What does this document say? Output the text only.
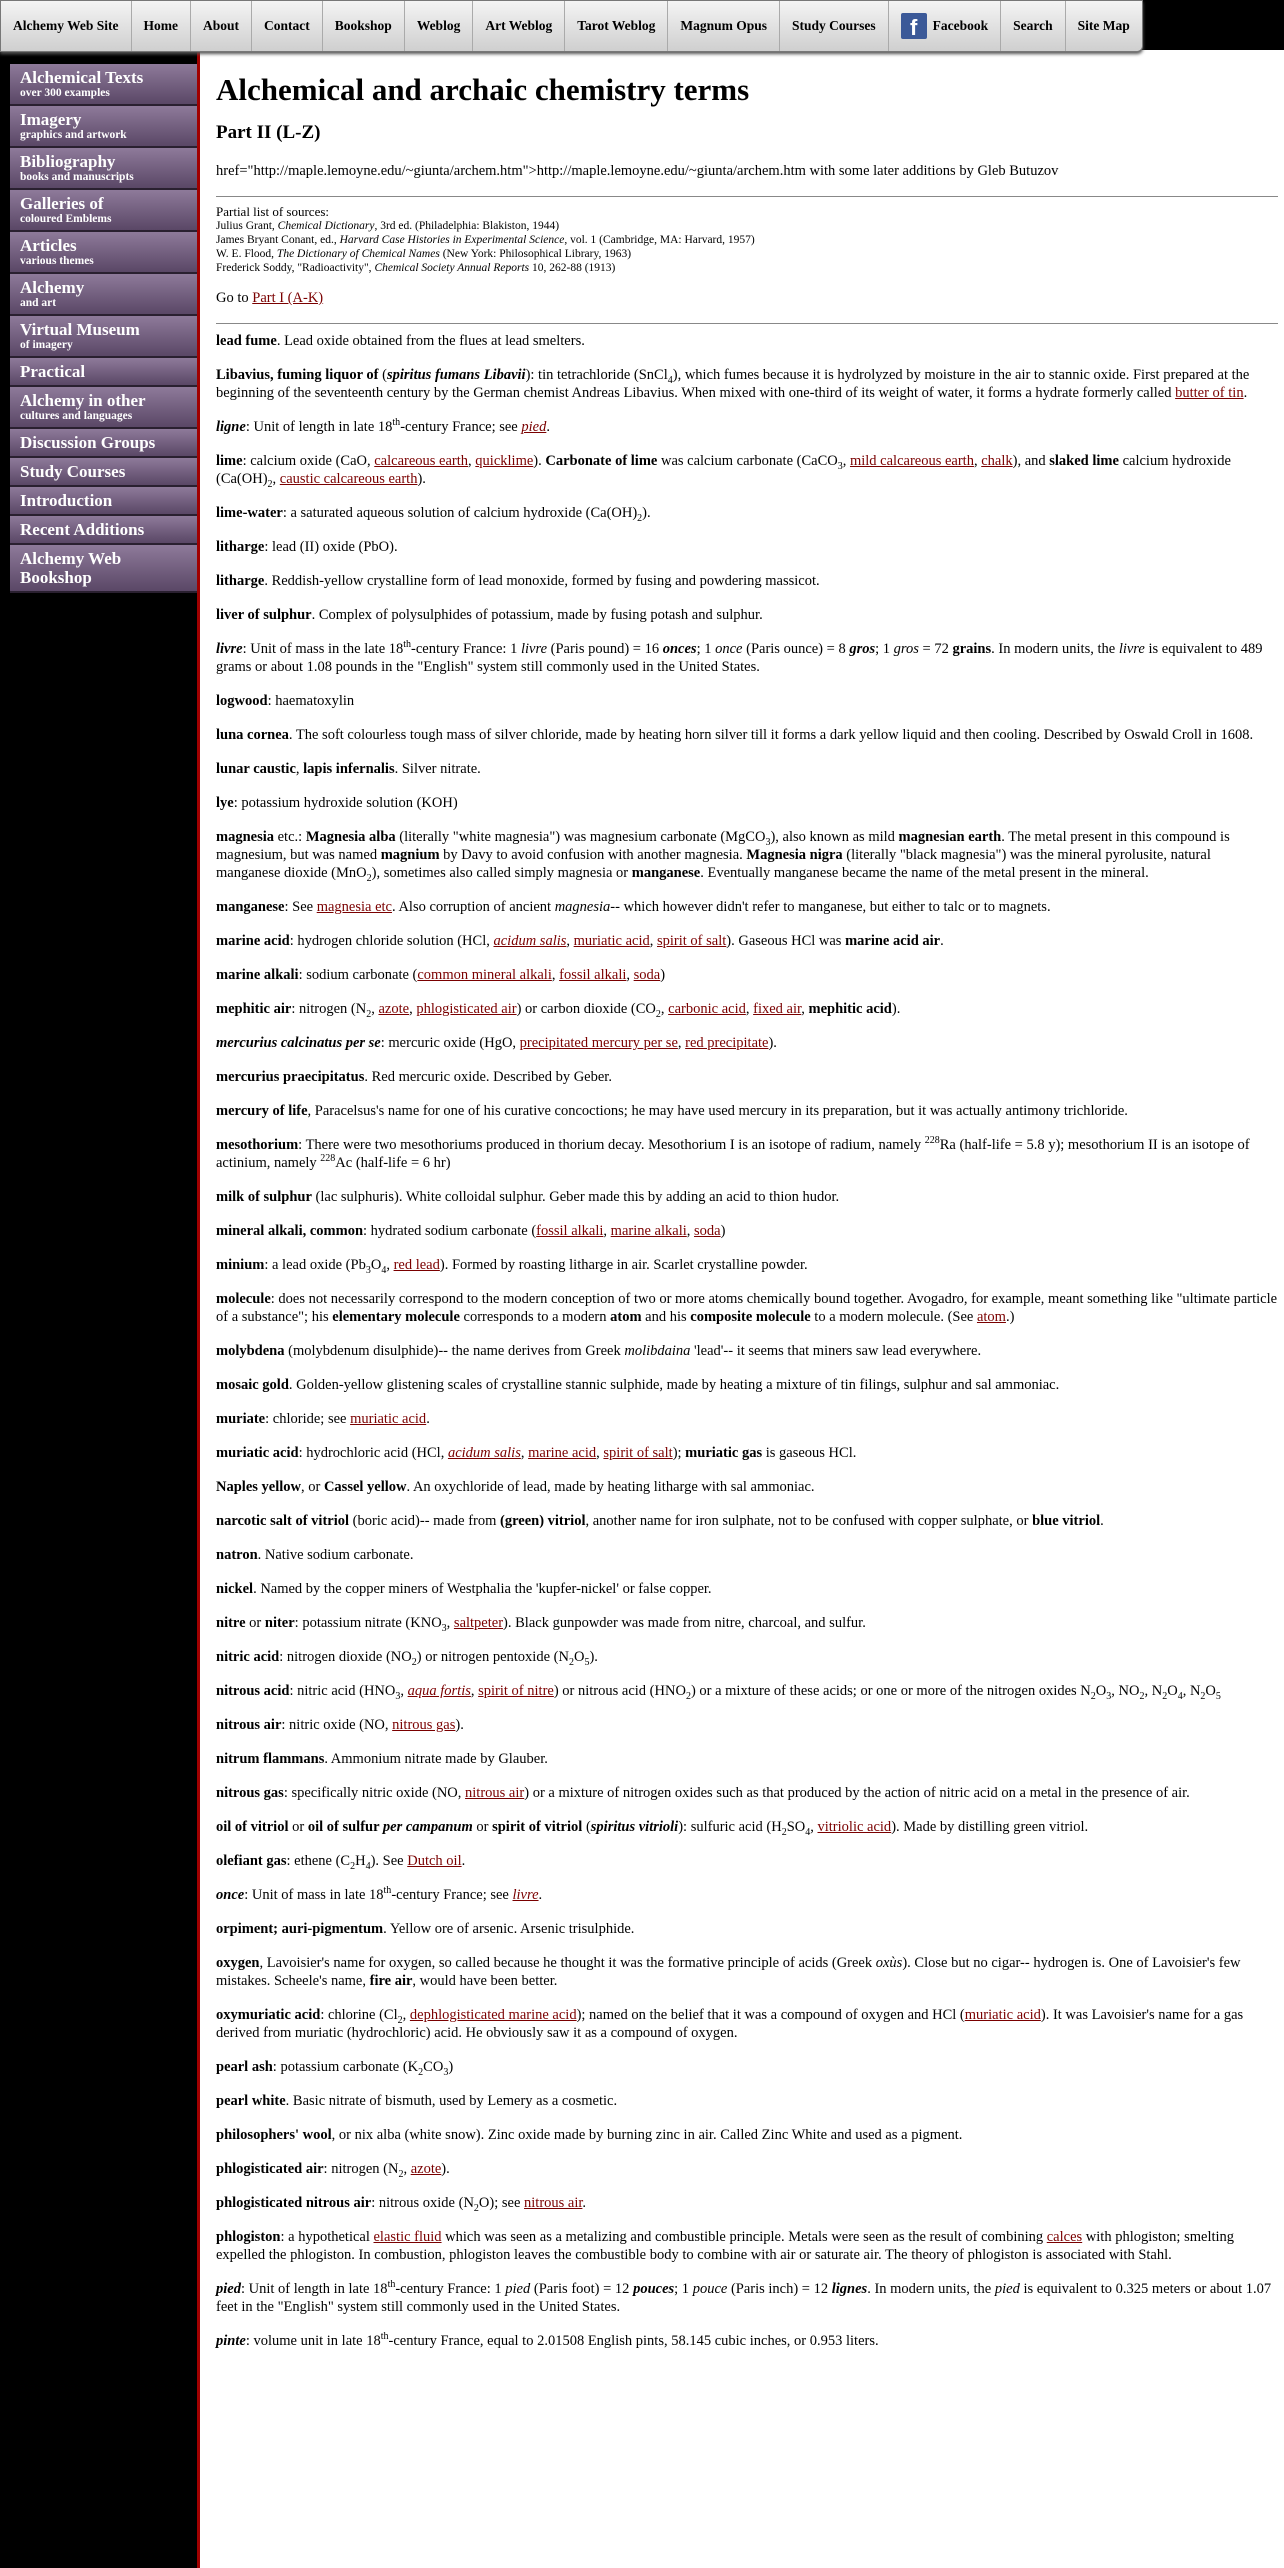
Alchemy Web Site Home About Contact Bookshop Weblog Art Weblog Tarot Weblog Magnum Opus Study Courses	f	Facebook Search Site Map
Alchemical Texts
over 300 examples
Imagery
graphics and artwork
Bibliography
books and manuscripts
Galleries of
coloured Emblems
Articles
various themes
Alchemy
and art
Virtual Museum
of imagery
Practical
Alchemy in other
cultures and languages
Discussion Groups
Study Courses
Introduction
Recent Additions
Alchemy Web Bookshop
Alchemical and archaic chemistry terms
Part II (L-Z)

href="http://maple.lemoyne.edu/~giunta/archem.htm">http://maple.lemoyne.edu/~giunta/archem.htm with some later additions by Gleb Butuzov

Partial list of sources:
Julius Grant, Chemical Dictionary, 3rd ed. (Philadelphia: Blakiston, 1944)
James Bryant Conant, ed., Harvard Case Histories in Experimental Science, vol. 1 (Cambridge, MA: Harvard, 1957)
W. E. Flood, The Dictionary of Chemical Names (New York: Philosophical Library, 1963)
Frederick Soddy, "Radioactivity", Chemical Society Annual Reports 10, 262-88 (1913)

Go to Part I (A-K)

lead fume. Lead oxide obtained from the flues at lead smelters.

Libavius, fuming liquor of (spiritus fumans Libavii): tin tetrachloride (SnCl$_4$), which fumes because it is hydrolyzed by moisture in the air to stannic oxide. First prepared at the beginning of the seventeenth century by the German chemist Andreas Libavius. When mixed with one-third of its weight of water, it forms a hydrate formerly called butter of tin.

ligne: Unit of length in late 18th-century France; see pied.

lime: calcium oxide (CaO, calcareous earth, quicklime). Carbonate of lime was calcium carbonate (CaCO$_3$, mild calcareous earth, chalk), and slaked lime calcium hydroxide ($Ca(OH)_2$, caustic calcareous earth).

lime-water: a saturated aqueous solution of calcium hydroxide $(Ca(OH)_2)$.

litharge: lead (II) oxide (PbO).

litharge. Reddish-yellow crystalline form of lead monoxide, formed by fusing and powdering massicot.

liver of sulphur. Complex of polysulphides of potassium, made by fusing potash and sulphur.

livre: Unit of mass in the late 18th-century France: 1 livre (Paris pound) = 16 onces; 1 once (Paris ounce) = 8 gros; 1 gros = 72 grains. In modern units, the livre is equivalent to 489 grams or about 1.08 pounds in the "English" system still commonly used in the United States.

logwood: haematoxylin

luna cornea. The soft colourless tough mass of silver chloride, made by heating horn silver till it forms a dark yellow liquid and then cooling. Described by Oswald Croll in 1608.

lunar caustic, lapis infernalis. Silver nitrate.

lye: potassium hydroxide solution (KOH)

magnesia etc.: Magnesia alba (literally "white magnesia") was magnesium carbonate (MgCO$_3$), also known as mild magnesian earth. The metal present in this compound is magnesium, but was named magnium by Davy to avoid confusion with another magnesia. Magnesia nigra (literally "black magnesia") was the mineral pyrolusite, natural manganese dioxide (MnO$_2$), sometimes also called simply magnesia or manganese. Eventually manganese became the name of the metal present in the mineral.

manganese: See magnesia etc. Also corruption of ancient magnesia-- which however didn't refer to manganese, but either to talc or to magnets.

marine acid: hydrogen chloride solution (HCl, acidum salis, muriatic acid, spirit of salt). Gaseous HCl was marine acid air.

marine alkali: sodium carbonate (common mineral alkali, fossil alkali, soda)

mephitic air: nitrogen ($N_2$, azote, phlogisticated air) or carbon dioxide ($CO_2$, carbonic acid, fixed air, mephitic acid).

mercurius calcinatus per se: mercuric oxide (HgO, precipitated mercury per se, red precipitate).

mercurius praecipitatus. Red mercuric oxide. Described by Geber.

mercury of life, Paracelsus's name for one of his curative concoctions; he may have used mercury in its preparation, but it was actually antimony trichloride.

mesothorium: There were two mesothoriums produced in thorium decay. Mesothorium I is an isotope of radium, namely $^{228}$Ra (half-life = 5.8 y); mesothorium II is an isotope of actinium, namely $^{228}$Ac (half-life = 6 hr)

milk of sulphur (lac sulphuris). White colloidal sulphur. Geber made this by adding an acid to thion hudor.

mineral alkali, common: hydrated sodium carbonate (fossil alkali, marine alkali, soda)

minium: a lead oxide ($Pb_3O_4$, red lead). Formed by roasting litharge in air. Scarlet crystalline powder.

molecule: does not necessarily correspond to the modern conception of two or more atoms chemically bound together. Avogadro, for example, meant something like "ultimate particle of a substance"; his elementary molecule corresponds to a modern atom and his composite molecule to a modern molecule. (See atom.)

molybdena (molybdenum disulphide)-- the name derives from Greek molibdaina 'lead'-- it seems that miners saw lead everywhere.

mosaic gold. Golden-yellow glistening scales of crystalline stannic sulphide, made by heating a mixture of tin filings, sulphur and sal ammoniac.

muriate: chloride; see muriatic acid.

muriatic acid: hydrochloric acid (HCl, acidum salis, marine acid, spirit of salt); muriatic gas is gaseous HCl.

Naples yellow, or Cassel yellow. An oxychloride of lead, made by heating litharge with sal ammoniac.

narcotic salt of vitriol (boric acid)-- made from (green) vitriol, another name for iron sulphate, not to be confused with copper sulphate, or blue vitriol.

natron. Native sodium carbonate.

nickel. Named by the copper miners of Westphalia the 'kupfer-nickel' or false copper.

nitre or niter: potassium nitrate ($KNO_3$, saltpeter). Black gunpowder was made from nitre, charcoal, and sulfur.

nitric acid: nitrogen dioxide $(NO_2)$ or nitrogen pentoxide $(N_2O_5)$.

nitrous acid: nitric acid ($HNO_3$, aqua fortis, spirit of nitre) or nitrous acid $(HNO_2)$ or a mixture of these acids; or one or more of the nitrogen oxides $N_2O_3$, $NO_2$, $N_2O_4$, $N_2O_5$

nitrous air: nitric oxide (NO, nitrous gas).

nitrum flammans. Ammonium nitrate made by Glauber.

nitrous gas: specifically nitric oxide (NO, nitrous air) or a mixture of nitrogen oxides such as that produced by the action of nitric acid on a metal in the presence of air.

oil of vitriol or oil of sulfur per campanum or spirit of vitriol (spiritus vitrioli): sulfuric acid ($H_2SO_4$, vitriolic acid). Made by distilling green vitriol.

olefiant gas: ethene $(C_2H_4)$. See Dutch oil.

once: Unit of mass in late 18th-century France; see livre.

orpiment; auri-pigmentum. Yellow ore of arsenic. Arsenic trisulphide.

oxygen, Lavoisier's name for oxygen, so called because he thought it was the formative principle of acids (Greek oxùs). Close but no cigar-- hydrogen is. One of Lavoisier's few mistakes. Scheele's name, fire air, would have been better.

oxymuriatic acid: chlorine ($Cl_2$, dephlogisticated marine acid); named on the belief that it was a compound of oxygen and HCl (muriatic acid). It was Lavoisier's name for a gas derived from muriatic (hydrochloric) acid. He obviously saw it as a compound of oxygen.

pearl ash: potassium carbonate $(K_2CO_3)$

pearl white. Basic nitrate of bismuth, used by Lemery as a cosmetic.

philosophers' wool, or nix alba (white snow). Zinc oxide made by burning zinc in air. Called Zinc White and used as a pigment.

phlogisticated air: nitrogen ($N_2$, azote).

phlogisticated nitrous air: nitrous oxide $(N_2O)$; see nitrous air.

phlogiston: a hypothetical elastic fluid which was seen as a metalizing and combustible principle. Metals were seen as the result of combining calces with phlogiston; smelting expelled the phlogiston. In combustion, phlogiston leaves the combustible body to combine with air or saturate air. The theory of phlogiston is associated with Stahl.

pied: Unit of length in late 18th-century France: 1 pied (Paris foot) = 12 pouces; 1 pouce (Paris inch) = 12 lignes. In modern units, the pied is equivalent to 0.325 meters or about 1.07 feet in the "English" system still commonly used in the United States.

pinte: volume unit in late 18th-century France, equal to 2.01508 English pints, 58.145 cubic inches, or 0.953 liters.
